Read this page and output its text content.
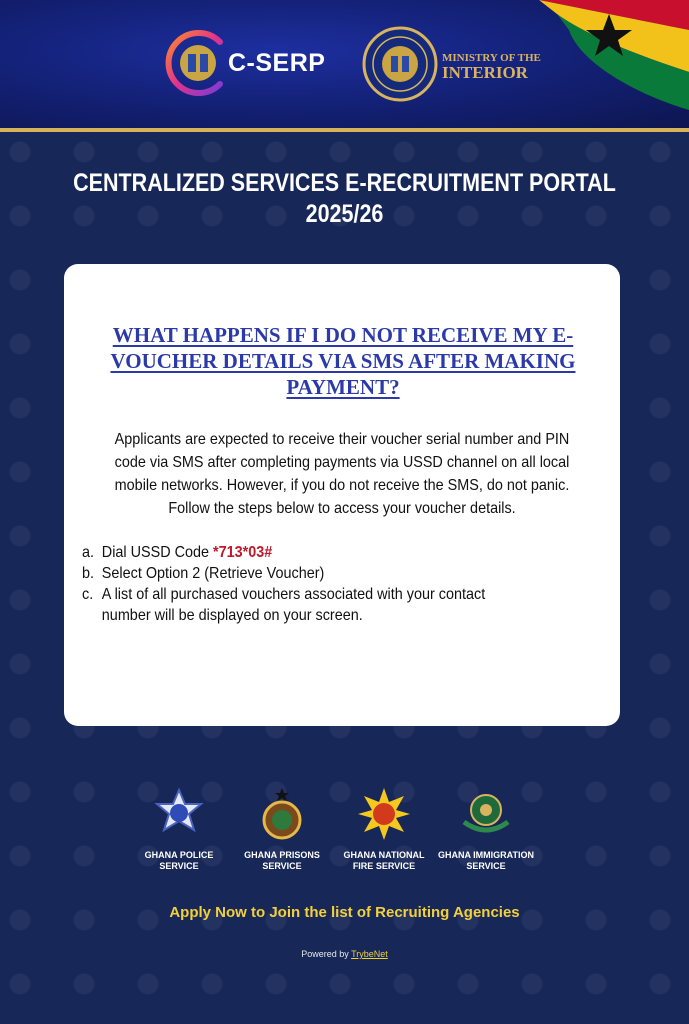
C-SERP	MINISTRY OF THE
INTERIOR
CENTRALIZED SERVICES E-RECRUITMENT PORTAL
2025/26
WHAT HAPPENS IF I DO NOT RECEIVE MY E-VOUCHER DETAILS VIA SMS AFTER MAKING PAYMENT?
Applicants are expected to receive their voucher serial number and PIN code via SMS after completing payments via USSD channel on all local mobile networks. However, if you do not receive the SMS, do not panic. Follow the steps below to access your voucher details.
a. Dial USSD Code *713*03#
b. Select Option 2 (Retrieve Voucher)
c. A list of all purchased vouchers associated with your contact number will be displayed on your screen.
GHANA POLICE
SERVICE
GHANA PRISONS
SERVICE
GHANA NATIONAL
FIRE SERVICE
GHANA IMMIGRATION
SERVICE
Apply Now to Join the list of Recruiting Agencies
Powered by TrybeNet
